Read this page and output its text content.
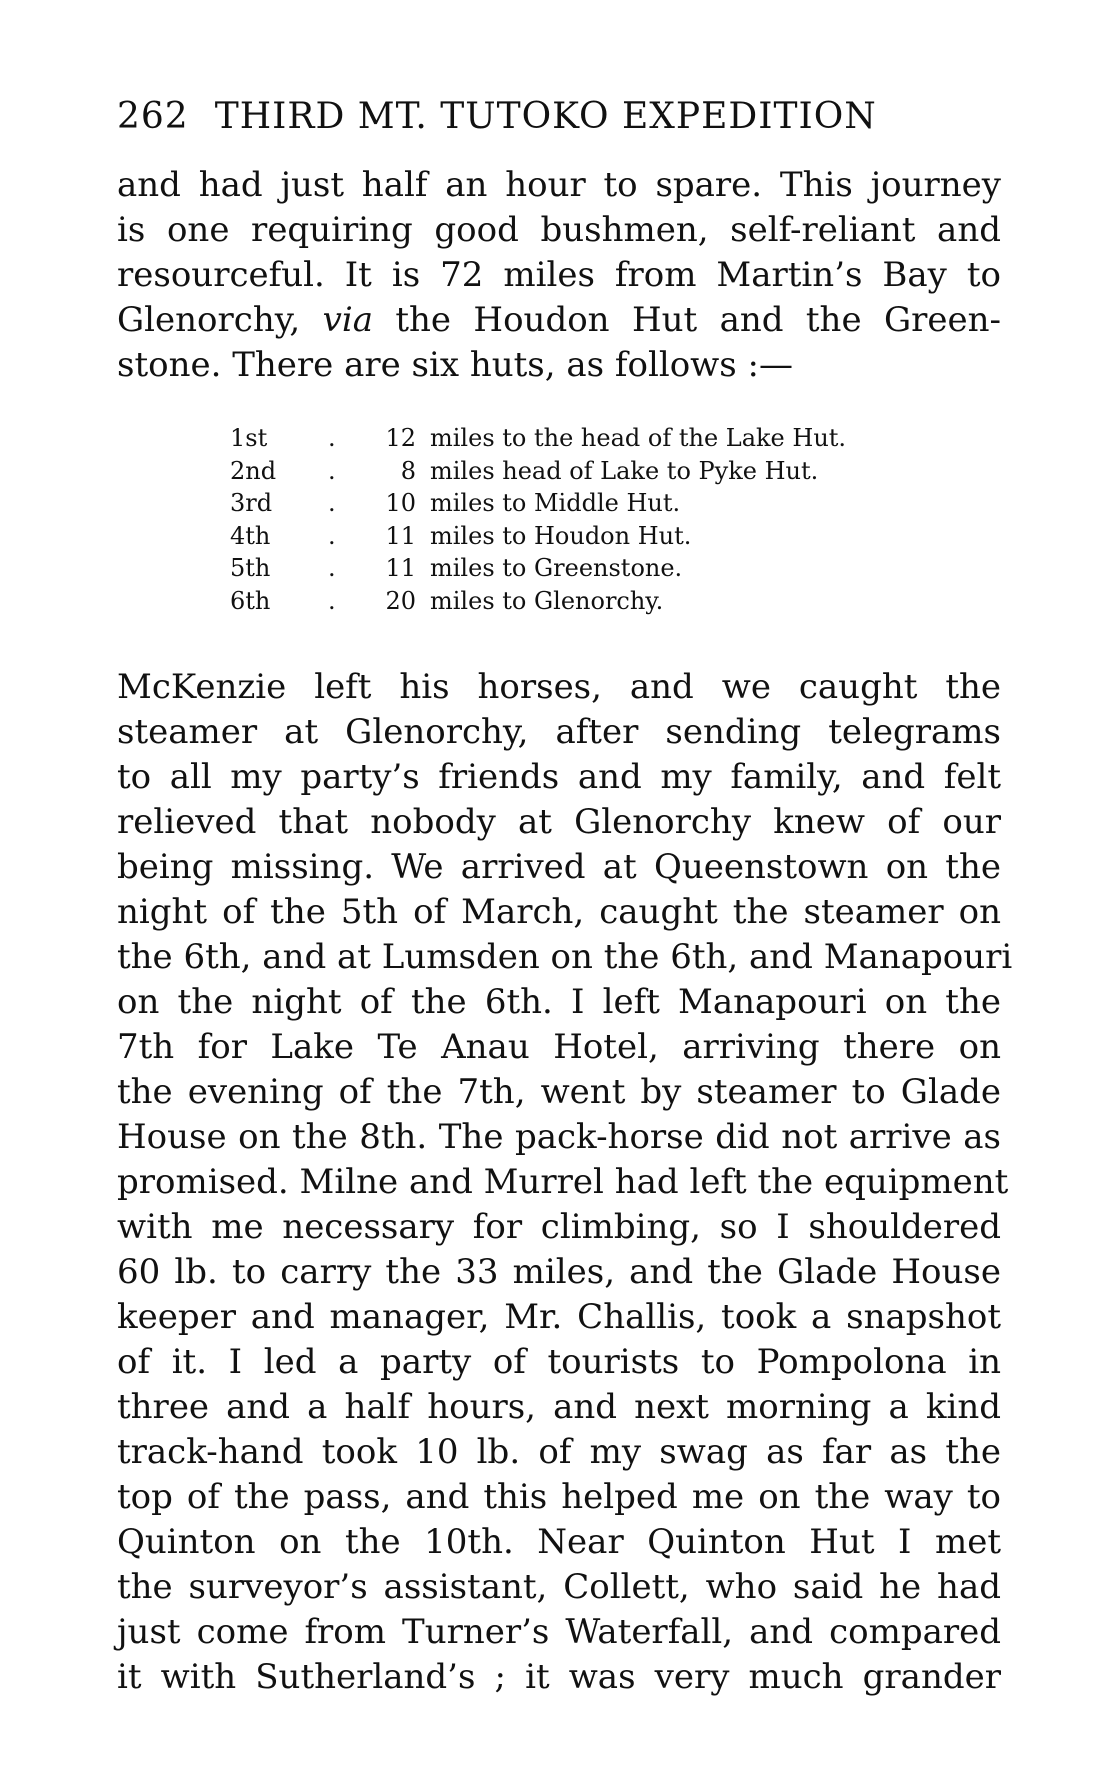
262 THIRD MT. TUTOKO EXPEDITION
and had just half an hour to spare. This journey
is one requiring good bushmen, self-reliant and
resourceful. It is 72 miles from Martin’s Bay to
Glenorchy, via the Houdon Hut and the Green-
stone. There are six huts, as follows :—
1st	.	12 miles to the head of the Lake Hut.
2nd	.	8 miles head of Lake to Pyke Hut.
3rd	.	10 miles to Middle Hut.
4th	.	11 miles to Houdon Hut.
5th	.	11 miles to Greenstone.
6th	.	20 miles to Glenorchy.
McKenzie left his horses, and we caught the
steamer at Glenorchy, after sending telegrams
to all my party’s friends and my family, and felt
relieved that nobody at Glenorchy knew of our
being missing. We arrived at Queenstown on the
night of the 5th of March, caught the steamer on
the 6th, and at Lumsden on the 6th, and Manapouri
on the night of the 6th. I left Manapouri on the
7th for Lake Te Anau Hotel, arriving there on
the evening of the 7th, went by steamer to Glade
House on the 8th. The pack-horse did not arrive as
promised. Milne and Murrel had left the equipment
with me necessary for climbing, so I shouldered
60 lb. to carry the 33 miles, and the Glade House
keeper and manager, Mr. Challis, took a snapshot
of it. I led a party of tourists to Pompolona in
three and a half hours, and next morning a kind
track-hand took 10 lb. of my swag as far as the
top of the pass, and this helped me on the way to
Quinton on the 10th. Near Quinton Hut I met
the surveyor’s assistant, Collett, who said he had
just come from Turner’s Waterfall, and compared
it with Sutherland’s ; it was very much grander
